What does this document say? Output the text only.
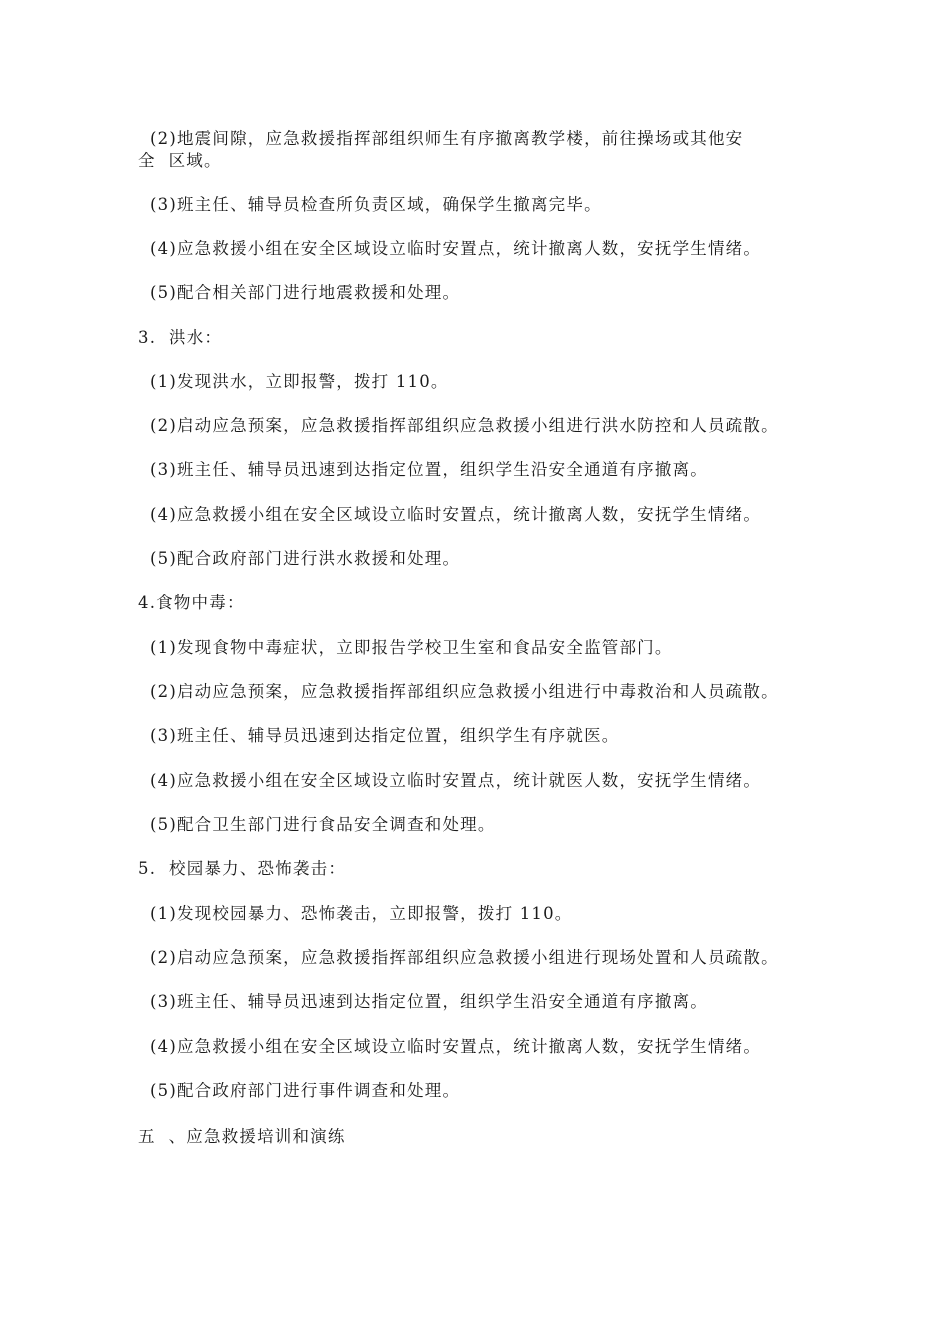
(2)地震间隙，应急救援指挥部组织师生有序撤离教学楼，前往操场或其他安
全  区域。
(3)班主任、辅导员检查所负责区域，确保学生撤离完毕。
(4)应急救援小组在安全区域设立临时安置点，统计撤离人数，安抚学生情绪。
(5)配合相关部门进行地震救援和处理。
3.  洪水：
(1)发现洪水，立即报警，拨打 110。
(2)启动应急预案，应急救援指挥部组织应急救援小组进行洪水防控和人员疏散。
(3)班主任、辅导员迅速到达指定位置，组织学生沿安全通道有序撤离。
(4)应急救援小组在安全区域设立临时安置点，统计撤离人数，安抚学生情绪。
(5)配合政府部门进行洪水救援和处理。
4.食物中毒：
(1)发现食物中毒症状，立即报告学校卫生室和食品安全监管部门。
(2)启动应急预案，应急救援指挥部组织应急救援小组进行中毒救治和人员疏散。
(3)班主任、辅导员迅速到达指定位置，组织学生有序就医。
(4)应急救援小组在安全区域设立临时安置点，统计就医人数，安抚学生情绪。
(5)配合卫生部门进行食品安全调查和处理。
5.  校园暴力、恐怖袭击：
(1)发现校园暴力、恐怖袭击，立即报警，拨打 110。
(2)启动应急预案，应急救援指挥部组织应急救援小组进行现场处置和人员疏散。
(3)班主任、辅导员迅速到达指定位置，组织学生沿安全通道有序撤离。
(4)应急救援小组在安全区域设立临时安置点，统计撤离人数，安抚学生情绪。
(5)配合政府部门进行事件调查和处理。
五  、应急救援培训和演练
